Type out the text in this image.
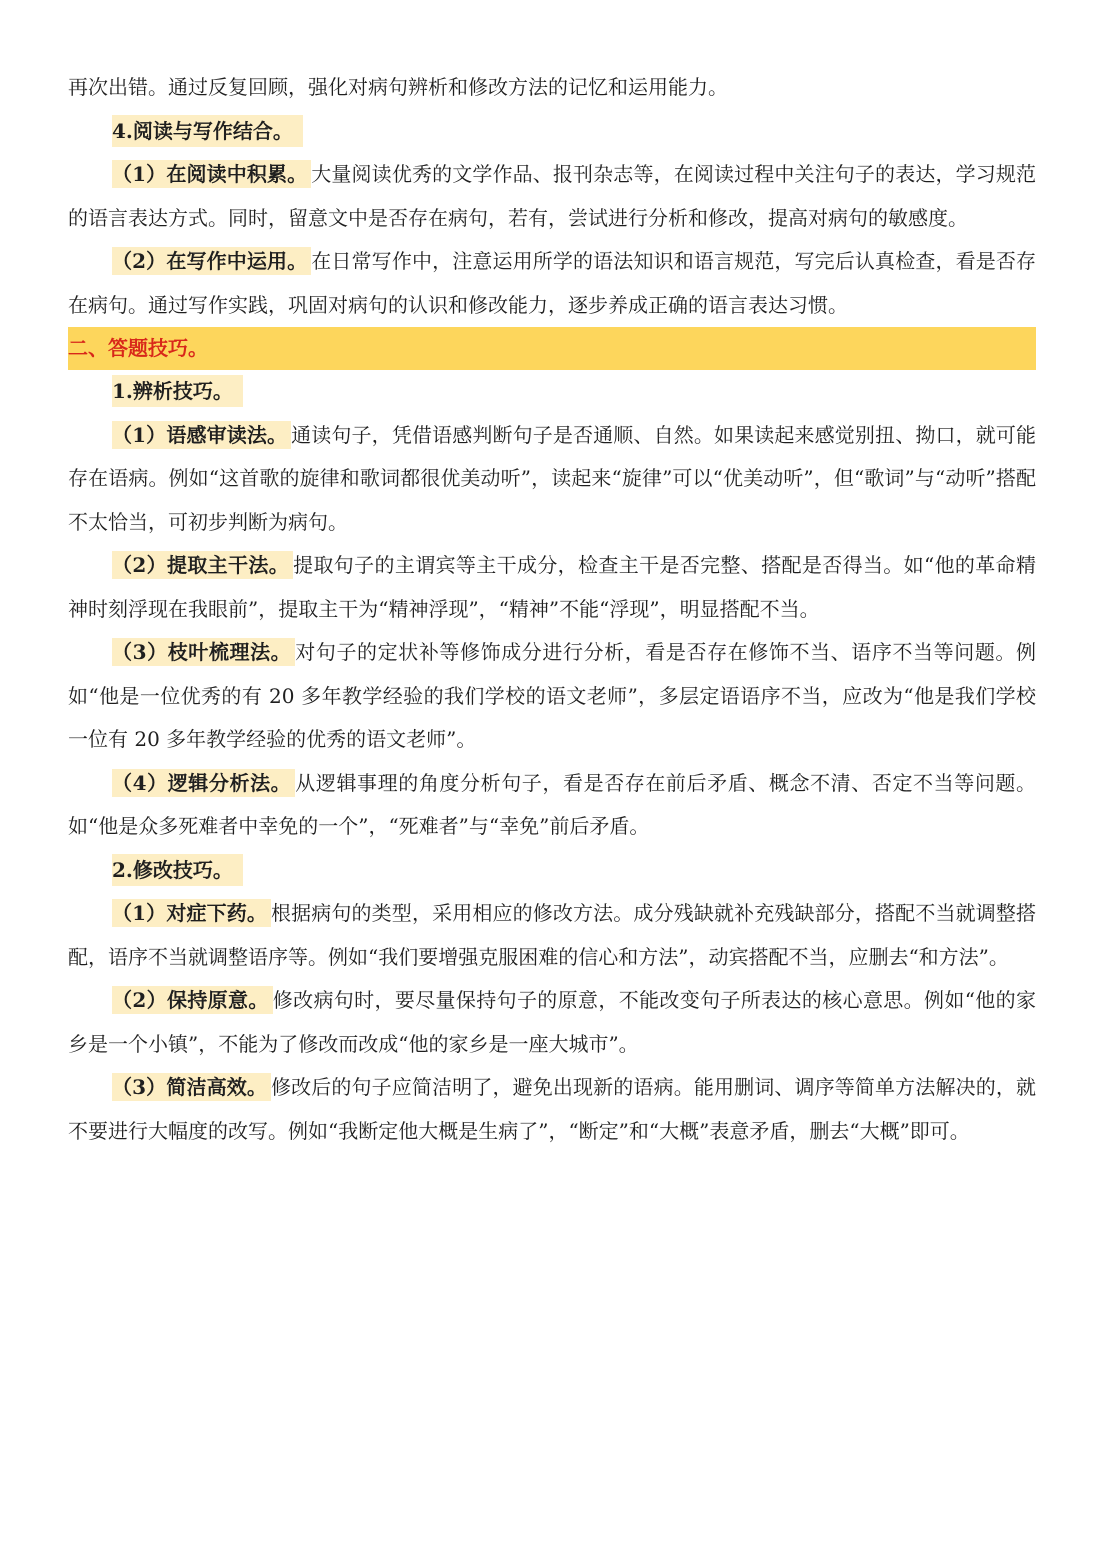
再次出错。通过反复回顾，强化对病句辨析和修改方法的记忆和运用能力。

4.阅读与写作结合。

（1）在阅读中积累。 大量阅读优秀的文学作品、报刊杂志等，在阅读过程中关注句子的表达，学习规范的语言表达方式。同时，留意文中是否存在病句，若有，尝试进行分析和修改，提高对病句的敏感度。

（2）在写作中运用。 在日常写作中，注意运用所学的语法知识和语言规范，写完后认真检查，看是否存在病句。通过写作实践，巩固对病句的认识和修改能力，逐步养成正确的语言表达习惯。

二、答题技巧。

1.辨析技巧。

（1）语感审读法。 通读句子，凭借语感判断句子是否通顺、自然。如果读起来感觉别扭、拗口，就可能存在语病。例如“这首歌的旋律和歌词都很优美动听”，读起来“旋律”可以“优美动听”，但“歌词”与“动听”搭配不太恰当，可初步判断为病句。

（2）提取主干法。 提取句子的主谓宾等主干成分，检查主干是否完整、搭配是否得当。如“他的革命精神时刻浮现在我眼前”，提取主干为“精神浮现”，“精神”不能“浮现”，明显搭配不当。

（3）枝叶梳理法。 对句子的定状补等修饰成分进行分析，看是否存在修饰不当、语序不当等问题。例如“他是一位优秀的有 20 多年教学经验的我们学校的语文老师”，多层定语语序不当，应改为“他是我们学校一位有 20 多年教学经验的优秀的语文老师”。

（4）逻辑分析法。 从逻辑事理的角度分析句子，看是否存在前后矛盾、概念不清、否定不当等问题。如“他是众多死难者中幸免的一个”，“死难者”与“幸免”前后矛盾。

2.修改技巧。

（1）对症下药。 根据病句的类型，采用相应的修改方法。成分残缺就补充残缺部分，搭配不当就调整搭配，语序不当就调整语序等。例如“我们要增强克服困难的信心和方法”，动宾搭配不当，应删去“和方法”。

（2）保持原意。 修改病句时，要尽量保持句子的原意，不能改变句子所表达的核心意思。例如“他的家乡是一个小镇”，不能为了修改而改成“他的家乡是一座大城市”。

（3）简洁高效。 修改后的句子应简洁明了，避免出现新的语病。能用删词、调序等简单方法解决的，就不要进行大幅度的改写。例如“我断定他大概是生病了”，“断定”和“大概”表意矛盾，删去“大概”即可。
